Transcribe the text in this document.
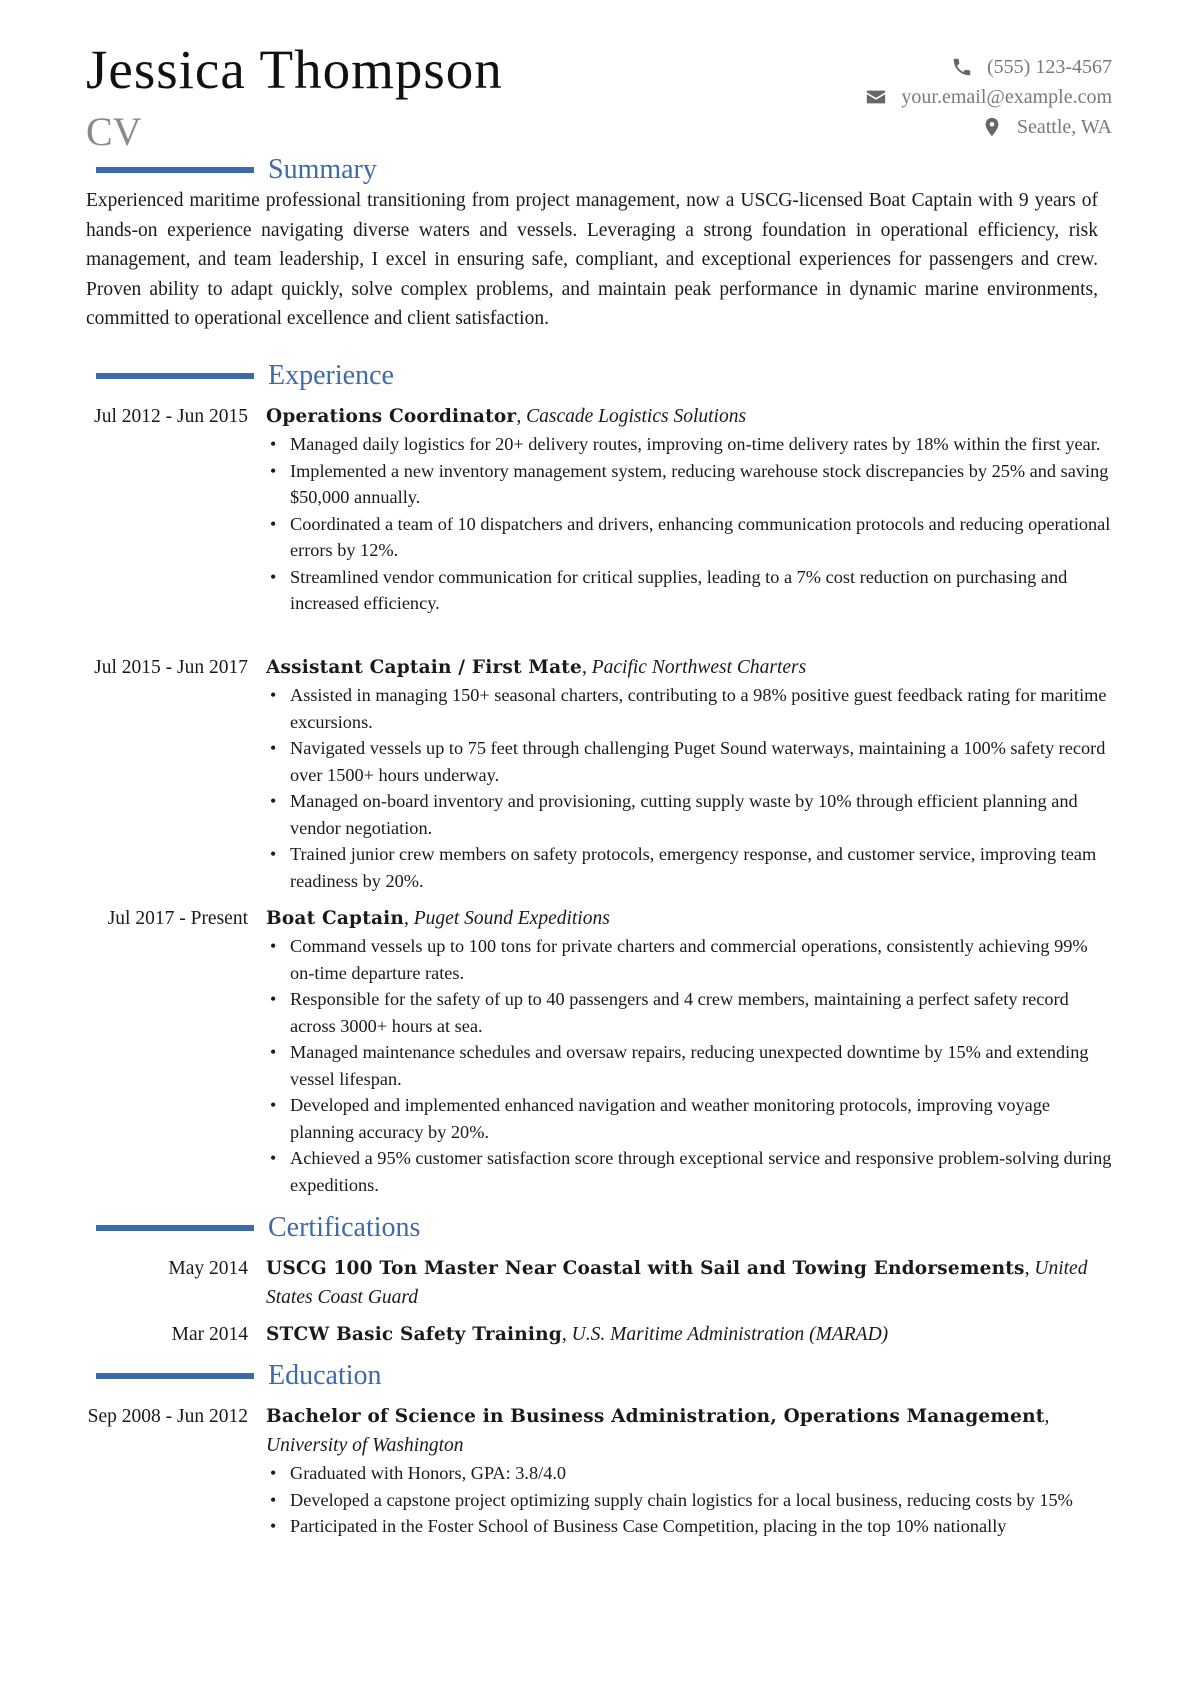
Jessica Thompson
CV
(555) 123-4567
your.email@example.com
Seattle, WA
Summary
Experienced maritime professional transitioning from project management, now a USCG-licensed Boat Captain with 9 years of hands-on experience navigating diverse waters and vessels. Leveraging a strong foundation in operational efficiency, risk management, and team leadership, I excel in ensuring safe, compliant, and exceptional experiences for passengers and crew. Proven ability to adapt quickly, solve complex problems, and maintain peak performance in dynamic marine environments, committed to operational excellence and client satisfaction.
Experience
Jul 2012 - Jun 2015 Operations Coordinator, Cascade Logistics Solutions
• Managed daily logistics for 20+ delivery routes, improving on-time delivery rates by 18% within the first year.
• Implemented a new inventory management system, reducing warehouse stock discrepancies by 25% and saving $50,000 annually.
• Coordinated a team of 10 dispatchers and drivers, enhancing communication protocols and reducing operational errors by 12%.
• Streamlined vendor communication for critical supplies, leading to a 7% cost reduction on purchasing and increased efficiency.
Jul 2015 - Jun 2017 Assistant Captain / First Mate, Pacific Northwest Charters
• Assisted in managing 150+ seasonal charters, contributing to a 98% positive guest feedback rating for maritime excursions.
• Navigated vessels up to 75 feet through challenging Puget Sound waterways, maintaining a 100% safety record over 1500+ hours underway.
• Managed on-board inventory and provisioning, cutting supply waste by 10% through efficient planning and vendor negotiation.
• Trained junior crew members on safety protocols, emergency response, and customer service, improving team readiness by 20%.
Jul 2017 - Present Boat Captain, Puget Sound Expeditions
• Command vessels up to 100 tons for private charters and commercial operations, consistently achieving 99% on-time departure rates.
• Responsible for the safety of up to 40 passengers and 4 crew members, maintaining a perfect safety record across 3000+ hours at sea.
• Managed maintenance schedules and oversaw repairs, reducing unexpected downtime by 15% and extending vessel lifespan.
• Developed and implemented enhanced navigation and weather monitoring protocols, improving voyage planning accuracy by 20%.
• Achieved a 95% customer satisfaction score through exceptional service and responsive problem-solving during expeditions.
Certifications
May 2014 USCG 100 Ton Master Near Coastal with Sail and Towing Endorsements, United States Coast Guard
Mar 2014 STCW Basic Safety Training, U.S. Maritime Administration (MARAD)
Education
Sep 2008 - Jun 2012 Bachelor of Science in Business Administration, Operations Management, University of Washington
• Graduated with Honors, GPA: 3.8/4.0
• Developed a capstone project optimizing supply chain logistics for a local business, reducing costs by 15%
• Participated in the Foster School of Business Case Competition, placing in the top 10% nationally
